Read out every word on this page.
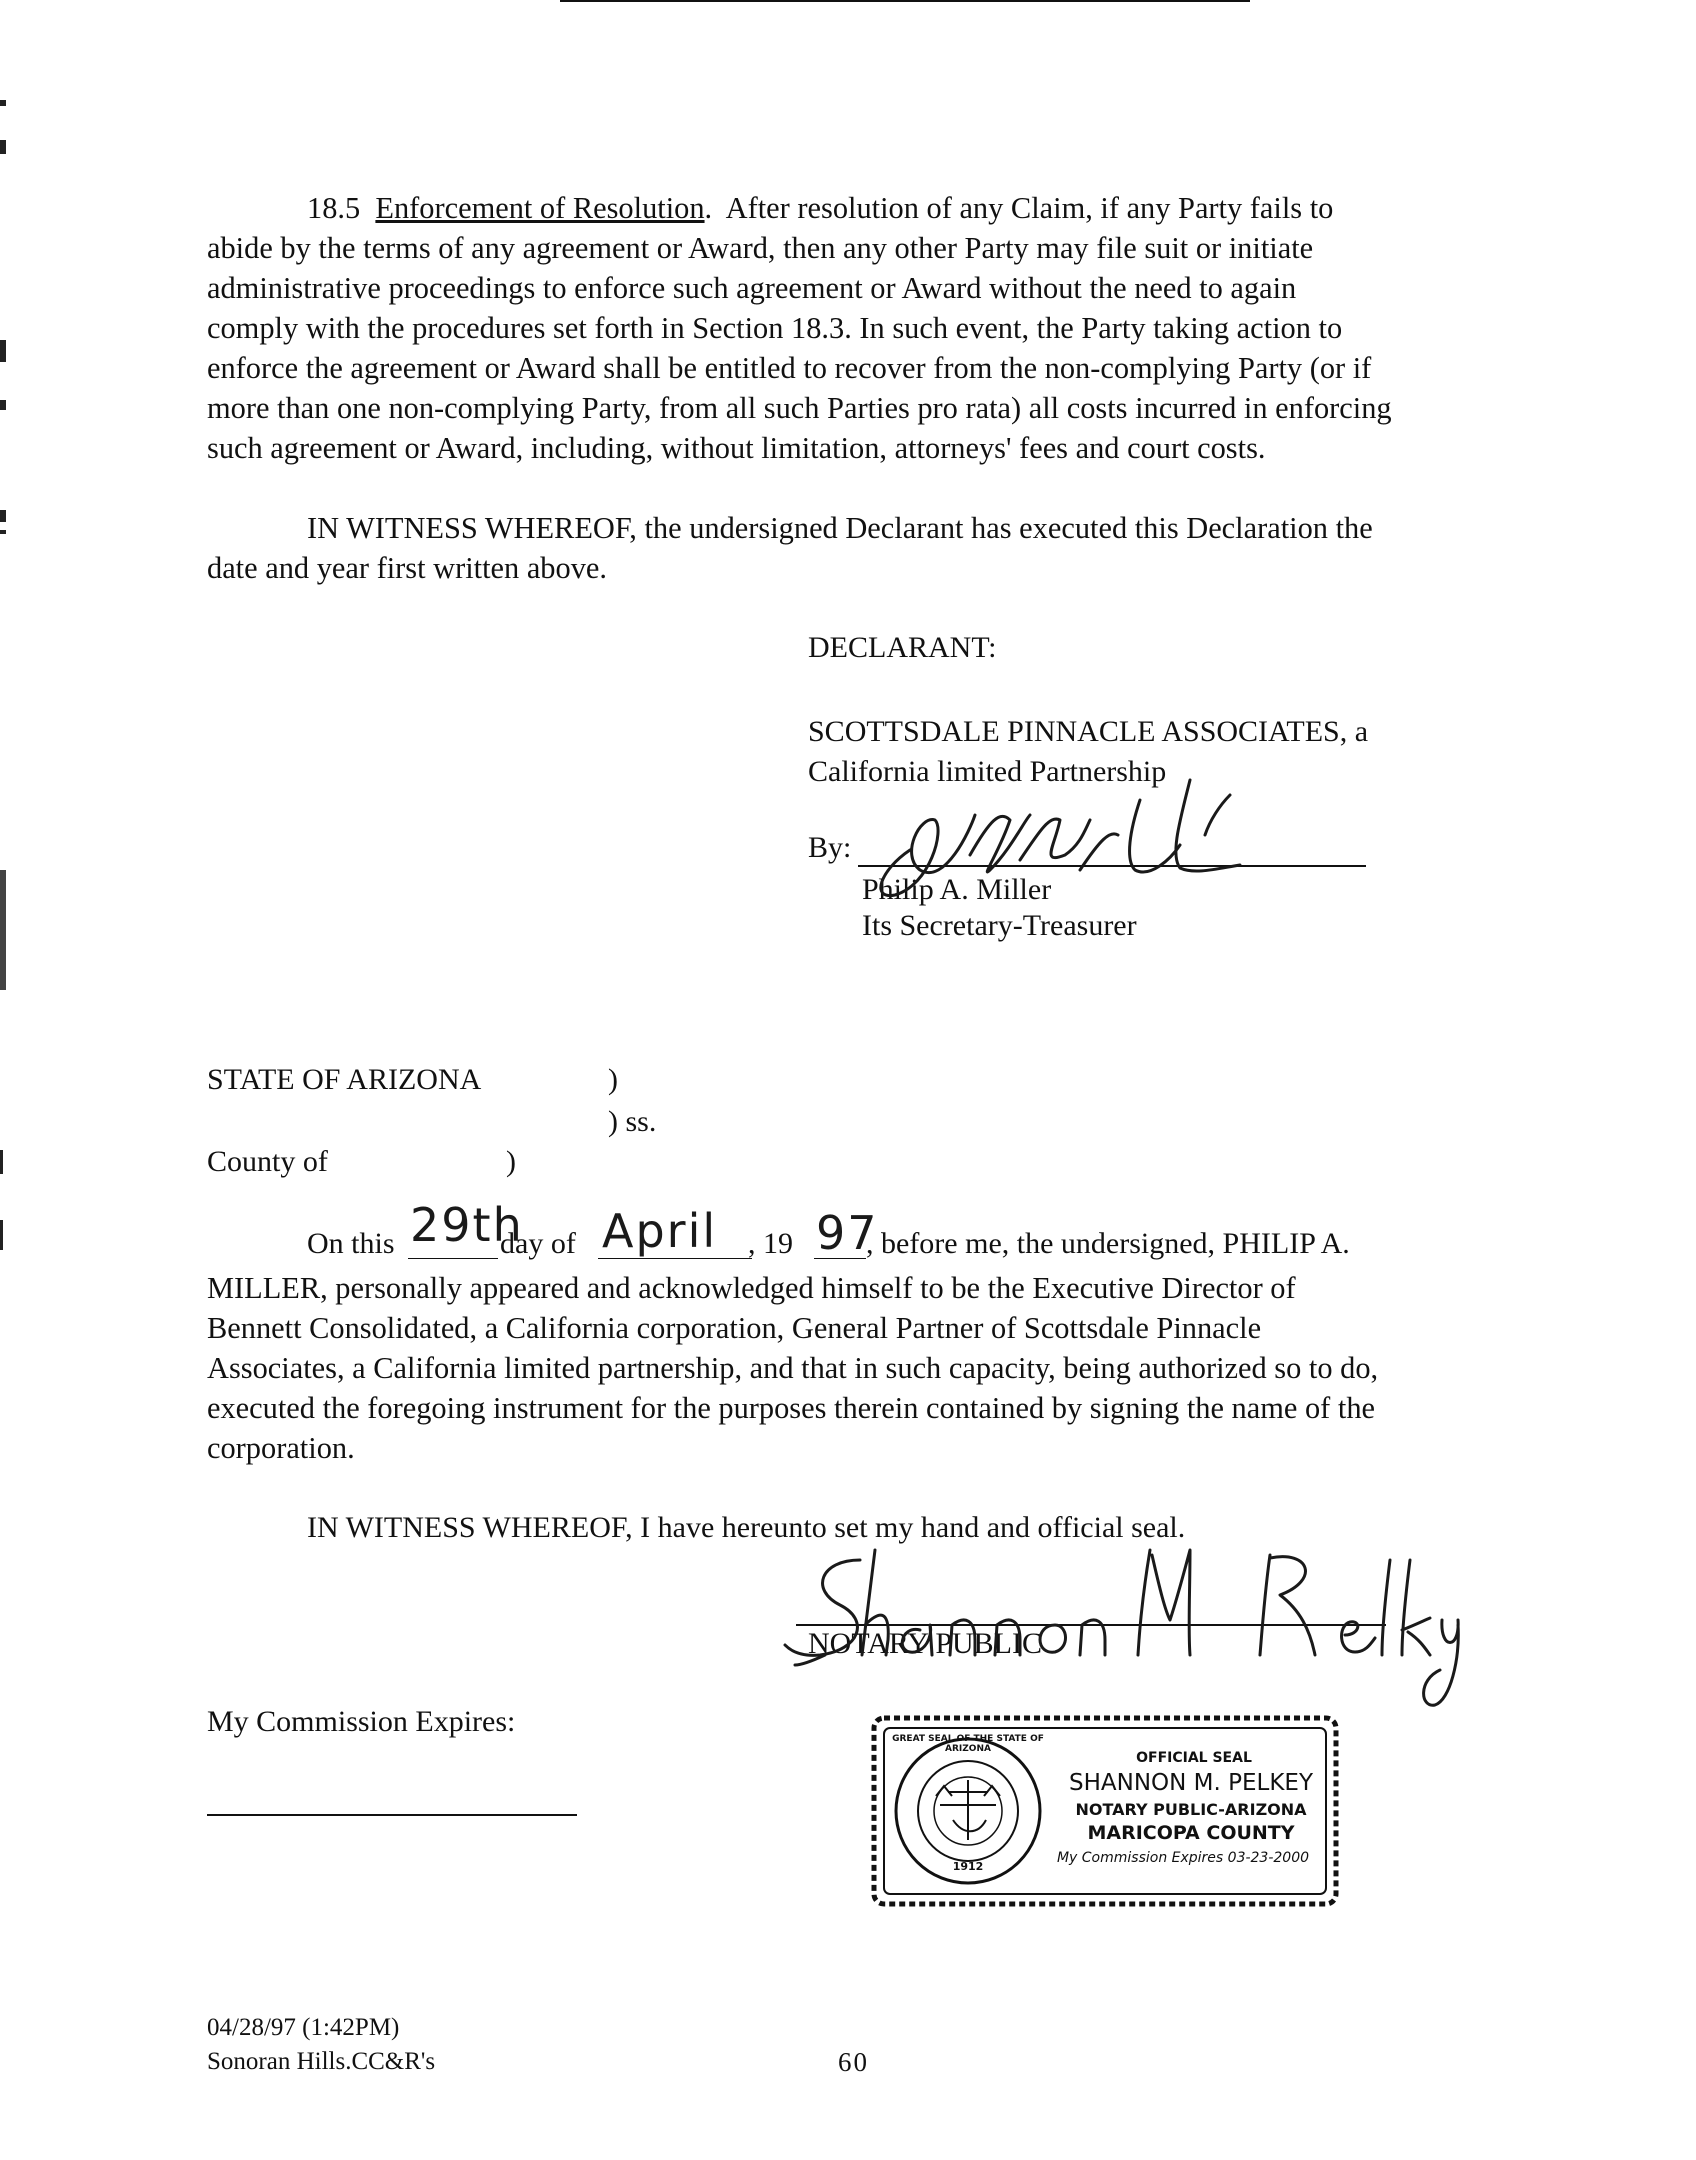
18.5 Enforcement of Resolution.  After resolution of any Claim, if any Party fails to
abide by the terms of any agreement or Award, then any other Party may file suit or initiate
administrative proceedings to enforce such agreement or Award without the need to again
comply with the procedures set forth in Section 18.3. In such event, the Party taking action to
enforce the agreement or Award shall be entitled to recover from the non-complying Party (or if
more than one non-complying Party, from all such Parties pro rata) all costs incurred in enforcing
such agreement or Award, including, without limitation, attorneys' fees and court costs.
IN WITNESS WHEREOF, the undersigned Declarant has executed this Declaration the
date and year first written above.
DECLARANT:
SCOTTSDALE PINNACLE ASSOCIATES, a
California limited Partnership
By:
Philip A. Miller
Its Secretary-Treasurer
STATE OF ARIZONA	)
) ss.
County of	)
On this 29th
day of April , 19 97
, before me, the undersigned, PHILIP A.
MILLER, personally appeared and acknowledged himself to be the Executive Director of
Bennett Consolidated, a California corporation, General Partner of Scottsdale Pinnacle
Associates, a California limited partnership, and that in such capacity, being authorized so to do,
executed the foregoing instrument for the purposes therein contained by signing the name of the
corporation.
IN WITNESS WHEREOF, I have hereunto set my hand and official seal.
NOTARY PUBLIC
My Commission Expires:
1912
GREAT SEAL OF THE STATE OF ARIZONA
OFFICIAL SEAL
SHANNON M. PELKEY
NOTARY PUBLIC-ARIZONA
MARICOPA COUNTY
My Commission Expires 03-23-2000
04/28/97 (1:42PM)
Sonoran Hills.CC&R's	60
